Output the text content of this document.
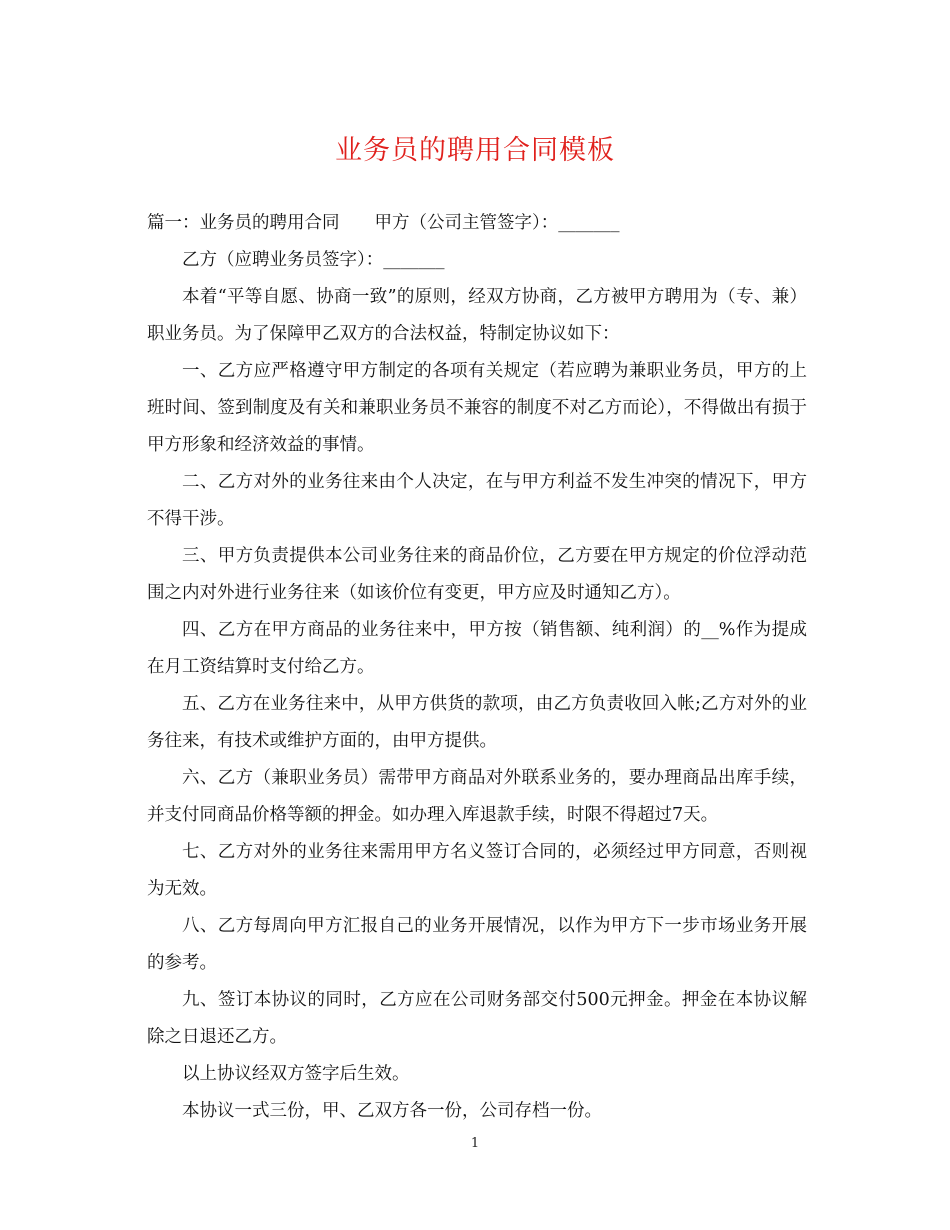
业务员的聘用合同模板

篇一：业务员的聘用合同　　甲方（公司主管签字）：_______

乙方（应聘业务员签字）：_______

本着“平等自愿、协商一致”的原则，经双方协商，乙方被甲方聘用为（专、兼）职业务员。为了保障甲乙双方的合法权益，特制定协议如下：

一、乙方应严格遵守甲方制定的各项有关规定（若应聘为兼职业务员，甲方的上班时间、签到制度及有关和兼职业务员不兼容的制度不对乙方而论），不得做出有损于甲方形象和经济效益的事情。

二、乙方对外的业务往来由个人决定，在与甲方利益不发生冲突的情况下，甲方不得干涉。

三、甲方负责提供本公司业务往来的商品价位，乙方要在甲方规定的价位浮动范围之内对外进行业务往来（如该价位有变更，甲方应及时通知乙方）。

四、乙方在甲方商品的业务往来中，甲方按（销售额、纯利润）的__%作为提成在月工资结算时支付给乙方。

五、乙方在业务往来中，从甲方供货的款项，由乙方负责收回入帐;乙方对外的业务往来，有技术或维护方面的，由甲方提供。

六、乙方（兼职业务员）需带甲方商品对外联系业务的，要办理商品出库手续，并支付同商品价格等额的押金。如办理入库退款手续，时限不得超过7天。

七、乙方对外的业务往来需用甲方名义签订合同的，必须经过甲方同意，否则视为无效。

八、乙方每周向甲方汇报自己的业务开展情况，以作为甲方下一步市场业务开展的参考。

九、签订本协议的同时，乙方应在公司财务部交付500元押金。押金在本协议解除之日退还乙方。

以上协议经双方签字后生效。

本协议一式三份，甲、乙双方各一份，公司存档一份。

1
